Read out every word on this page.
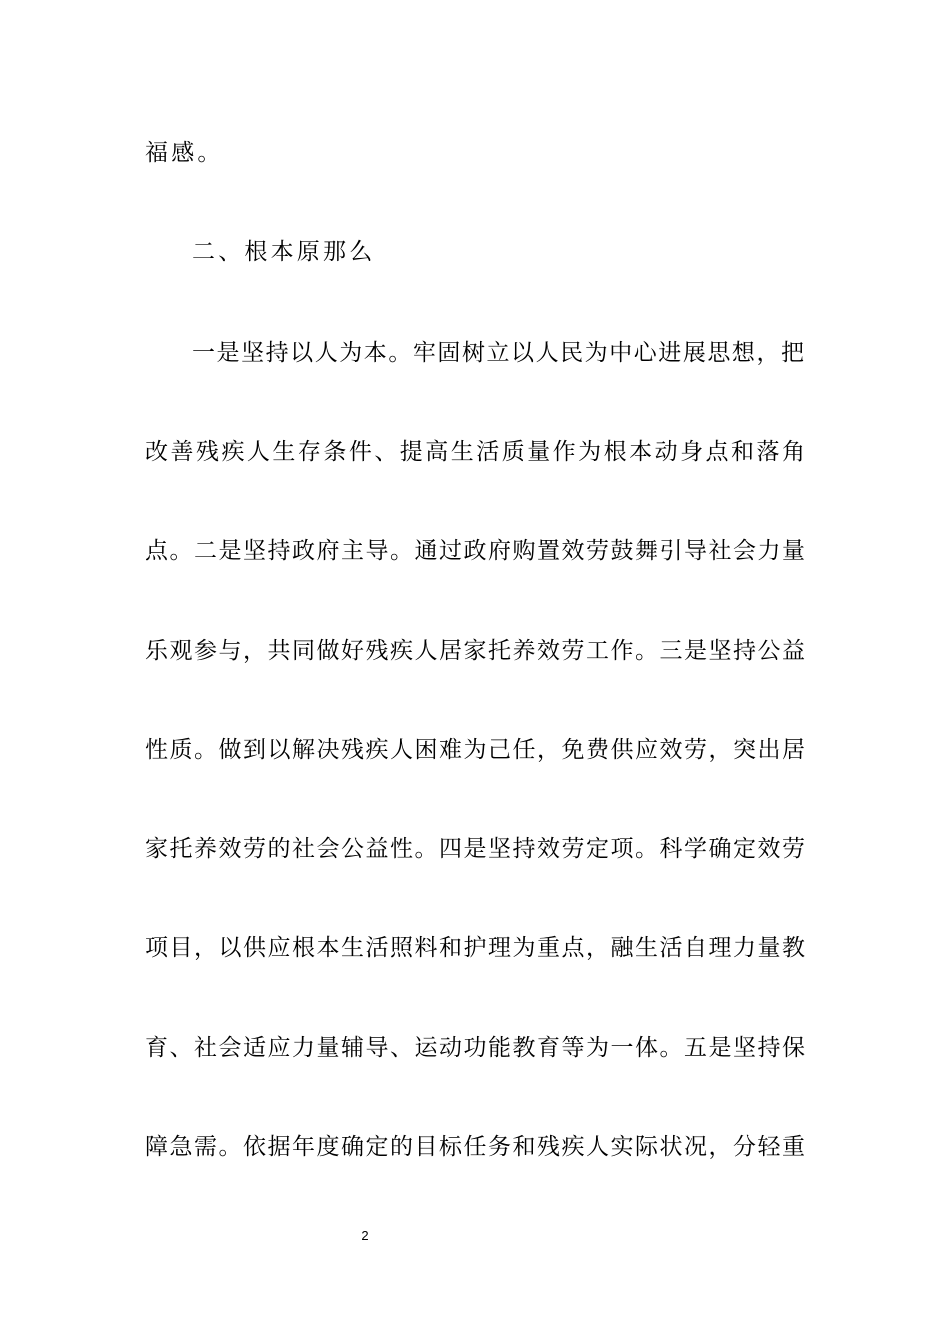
福感。
二、根本原那么
一是坚持以人为本。牢固树立以人民为中心进展思想，把
改善残疾人生存条件、提高生活质量作为根本动身点和落角
点。二是坚持政府主导。通过政府购置效劳鼓舞引导社会力量
乐观参与，共同做好残疾人居家托养效劳工作。三是坚持公益
性质。做到以解决残疾人困难为己任，免费供应效劳，突出居
家托养效劳的社会公益性。四是坚持效劳定项。科学确定效劳
项目，以供应根本生活照料和护理为重点，融生活自理力量教
育、社会适应力量辅导、运动功能教育等为一体。五是坚持保
障急需。依据年度确定的目标任务和残疾人实际状况，分轻重
2
